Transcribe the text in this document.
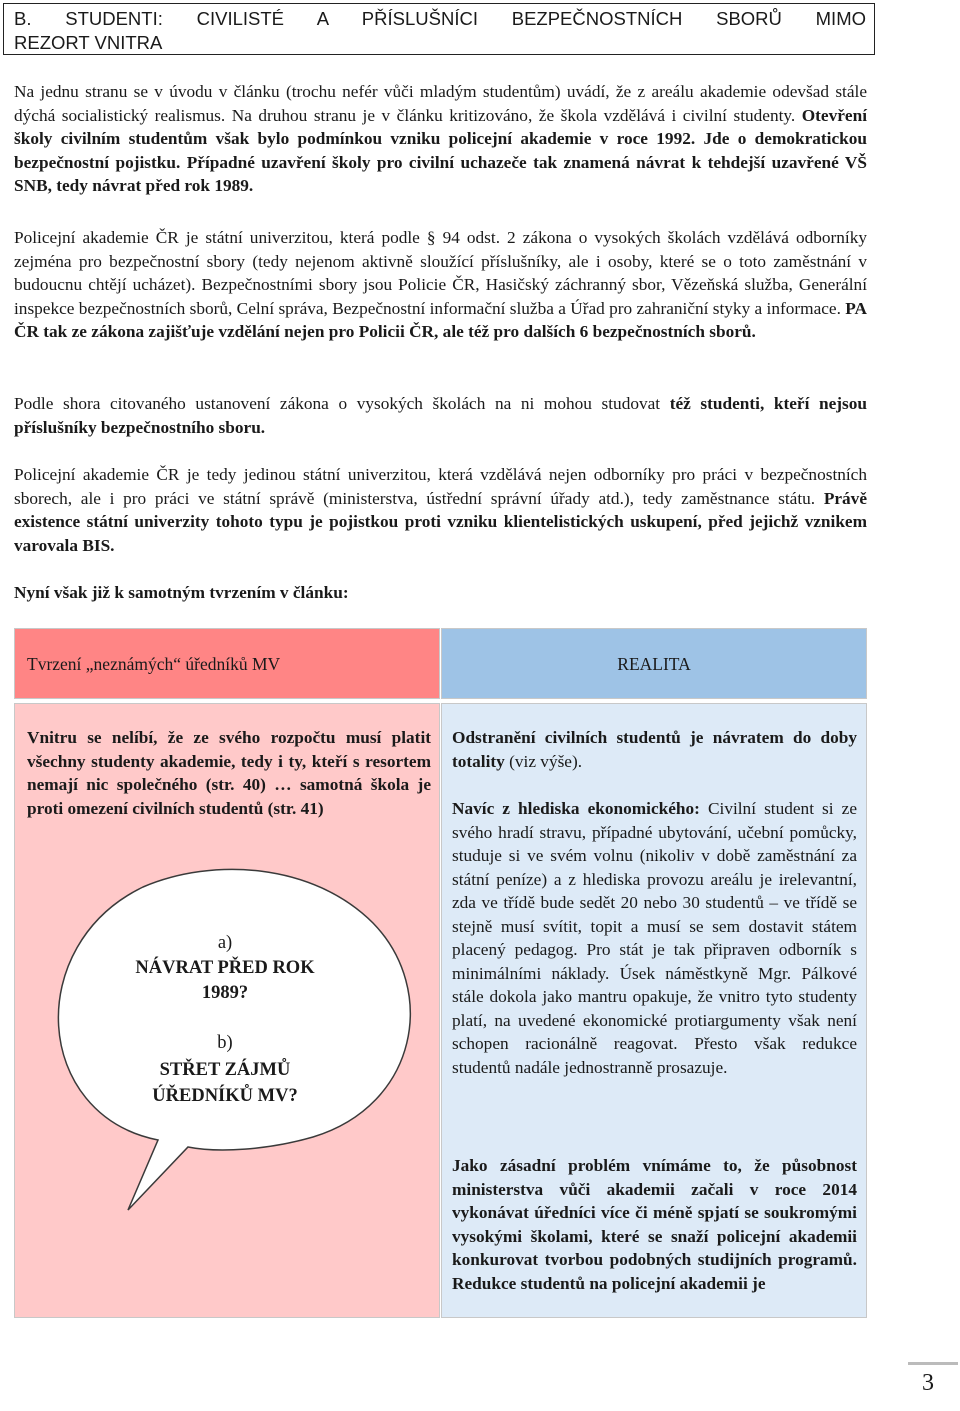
B. STUDENTI: CIVILISTÉ A PŘÍSLUŠNÍCI BEZPEČNOSTNÍCH SBORŮ MIMO
REZORT VNITRA
Na jednu stranu se v úvodu v článku (trochu nefér vůči mladým studentům) uvádí, že z areálu akademie odevšad stále dýchá socialistický realismus. Na druhou stranu je v článku kritizováno, že škola vzdělává i civilní studenty. Otevření školy civilním studentům však bylo podmínkou vzniku policejní akademie v roce 1992. Jde o demokratickou bezpečnostní pojistku. Případné uzavření školy pro civilní uchazeče tak znamená návrat k tehdejší uzavřené VŠ SNB, tedy návrat před rok 1989.
Policejní akademie ČR je státní univerzitou, která podle § 94 odst. 2 zákona o vysokých školách vzdělává odborníky zejména pro bezpečnostní sbory (tedy nejenom aktivně sloužící příslušníky, ale i osoby, které se o toto zaměstnání v budoucnu chtějí ucházet). Bezpečnostními sbory jsou Policie ČR, Hasičský záchranný sbor, Vězeňská služba, Generální inspekce bezpečnostních sborů, Celní správa, Bezpečnostní informační služba a Úřad pro zahraniční styky a informace. PA ČR tak ze zákona zajišťuje vzdělání nejen pro Policii ČR, ale též pro dalších 6 bezpečnostních sborů.
Podle shora citovaného ustanovení zákona o vysokých školách na ni mohou studovat též studenti, kteří nejsou příslušníky bezpečnostního sboru.
Policejní akademie ČR je tedy jedinou státní univerzitou, která vzdělává nejen odborníky pro práci v bezpečnostních sborech, ale i pro práci ve státní správě (ministerstva, ústřední správní úřady atd.), tedy zaměstnance státu. Právě existence státní univerzity tohoto typu je pojistkou proti vzniku klientelistických uskupení, před jejichž vznikem varovala BIS.
Nyní však již k samotným tvrzením v článku:
Tvrzení „neznámých“ úředníků MV	REALITA
Vnitru se nelíbí, že ze svého rozpočtu musí platit všechny studenty akademie, tedy i ty, kteří s resortem nemají nic společného (str. 40) … samotná škola je proti omezení civilních studentů (str. 41)
a)
NÁVRAT PŘED ROK
1989?
b)
STŘET ZÁJMŮ
ÚŘEDNÍKŮ MV?
Odstranění civilních studentů je návratem do doby totality (viz výše).
Navíc z hlediska ekonomického: Civilní student si ze svého hradí stravu, případné ubytování, učební pomůcky, studuje si ve svém volnu (nikoliv v době zaměstnání za státní peníze) a z hlediska provozu areálu je irelevantní, zda ve třídě bude sedět 20 nebo 30 studentů – ve třídě se stejně musí svítit, topit a musí se sem dostavit státem placený pedagog. Pro stát je tak připraven odborník s minimálními náklady. Úsek náměstkyně Mgr. Pálkové stále dokola jako mantru opakuje, že vnitro tyto studenty platí, na uvedené ekonomické protiargumenty však není schopen racionálně reagovat. Přesto však redukce studentů nadále jednostranně prosazuje.
Jako zásadní problém vnímáme to, že působnost ministerstva vůči akademii začali v roce 2014 vykonávat úředníci více či méně spjatí se soukromými vysokými školami, které se snaží policejní akademii konkurovat tvorbou podobných studijních programů. Redukce studentů na policejní akademii je
3
